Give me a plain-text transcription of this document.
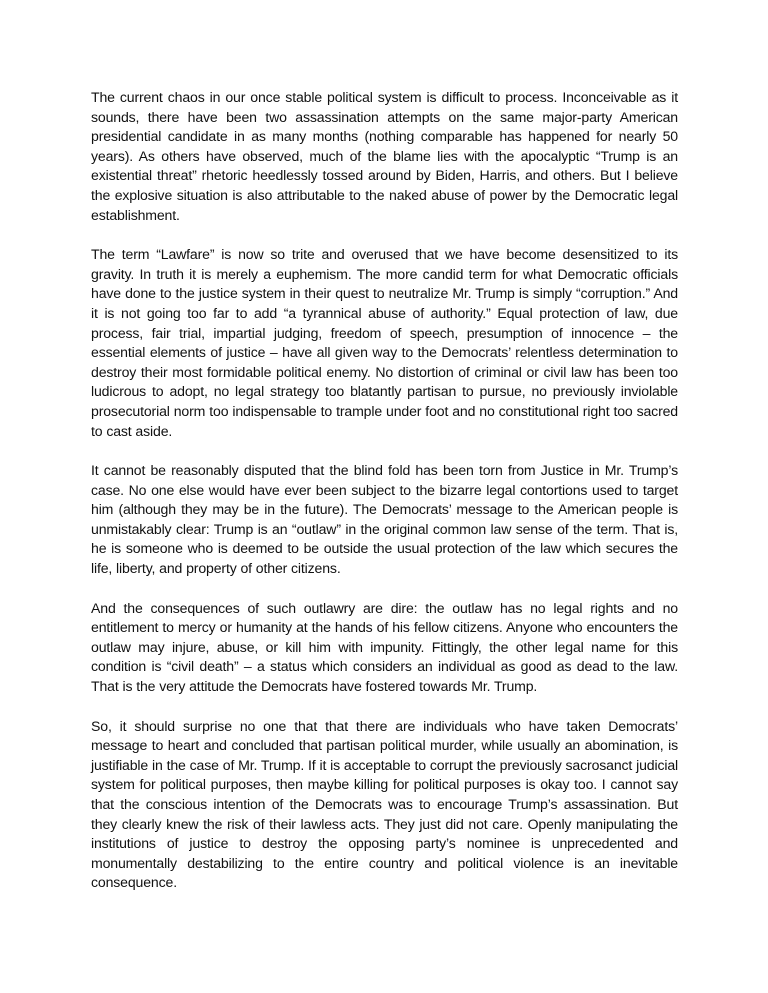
The current chaos in our once stable political system is difficult to process. Inconceivable as it sounds, there have been two assassination attempts on the same major-party American presidential candidate in as many months (nothing comparable has happened for nearly 50 years). As others have observed, much of the blame lies with the apocalyptic “Trump is an existential threat” rhetoric heedlessly tossed around by Biden, Harris, and others. But I believe the explosive situation is also attributable to the naked abuse of power by the Democratic legal establishment.

The term “Lawfare” is now so trite and overused that we have become desensitized to its gravity. In truth it is merely a euphemism. The more candid term for what Democratic officials have done to the justice system in their quest to neutralize Mr. Trump is simply “corruption.” And it is not going too far to add “a tyrannical abuse of authority.” Equal protection of law, due process, fair trial, impartial judging, freedom of speech, presumption of innocence – the essential elements of justice – have all given way to the Democrats’ relentless determination to destroy their most formidable political enemy. No distortion of criminal or civil law has been too ludicrous to adopt, no legal strategy too blatantly partisan to pursue, no previously inviolable prosecutorial norm too indispensable to trample under foot and no constitutional right too sacred to cast aside.

It cannot be reasonably disputed that the blind fold has been torn from Justice in Mr. Trump’s case. No one else would have ever been subject to the bizarre legal contortions used to target him (although they may be in the future). The Democrats’ message to the American people is unmistakably clear: Trump is an “outlaw” in the original common law sense of the term. That is, he is someone who is deemed to be outside the usual protection of the law which secures the life, liberty, and property of other citizens.

And the consequences of such outlawry are dire: the outlaw has no legal rights and no entitlement to mercy or humanity at the hands of his fellow citizens. Anyone who encounters the outlaw may injure, abuse, or kill him with impunity. Fittingly, the other legal name for this condition is “civil death” – a status which considers an individual as good as dead to the law. That is the very attitude the Democrats have fostered towards Mr. Trump.

So, it should surprise no one that that there are individuals who have taken Democrats’ message to heart and concluded that partisan political murder, while usually an abomination, is justifiable in the case of Mr. Trump. If it is acceptable to corrupt the previously sacrosanct judicial system for political purposes, then maybe killing for political purposes is okay too. I cannot say that the conscious intention of the Democrats was to encourage Trump’s assassination. But they clearly knew the risk of their lawless acts. They just did not care. Openly manipulating the institutions of justice to destroy the opposing party’s nominee is unprecedented and monumentally destabilizing to the entire country and political violence is an inevitable consequence.
